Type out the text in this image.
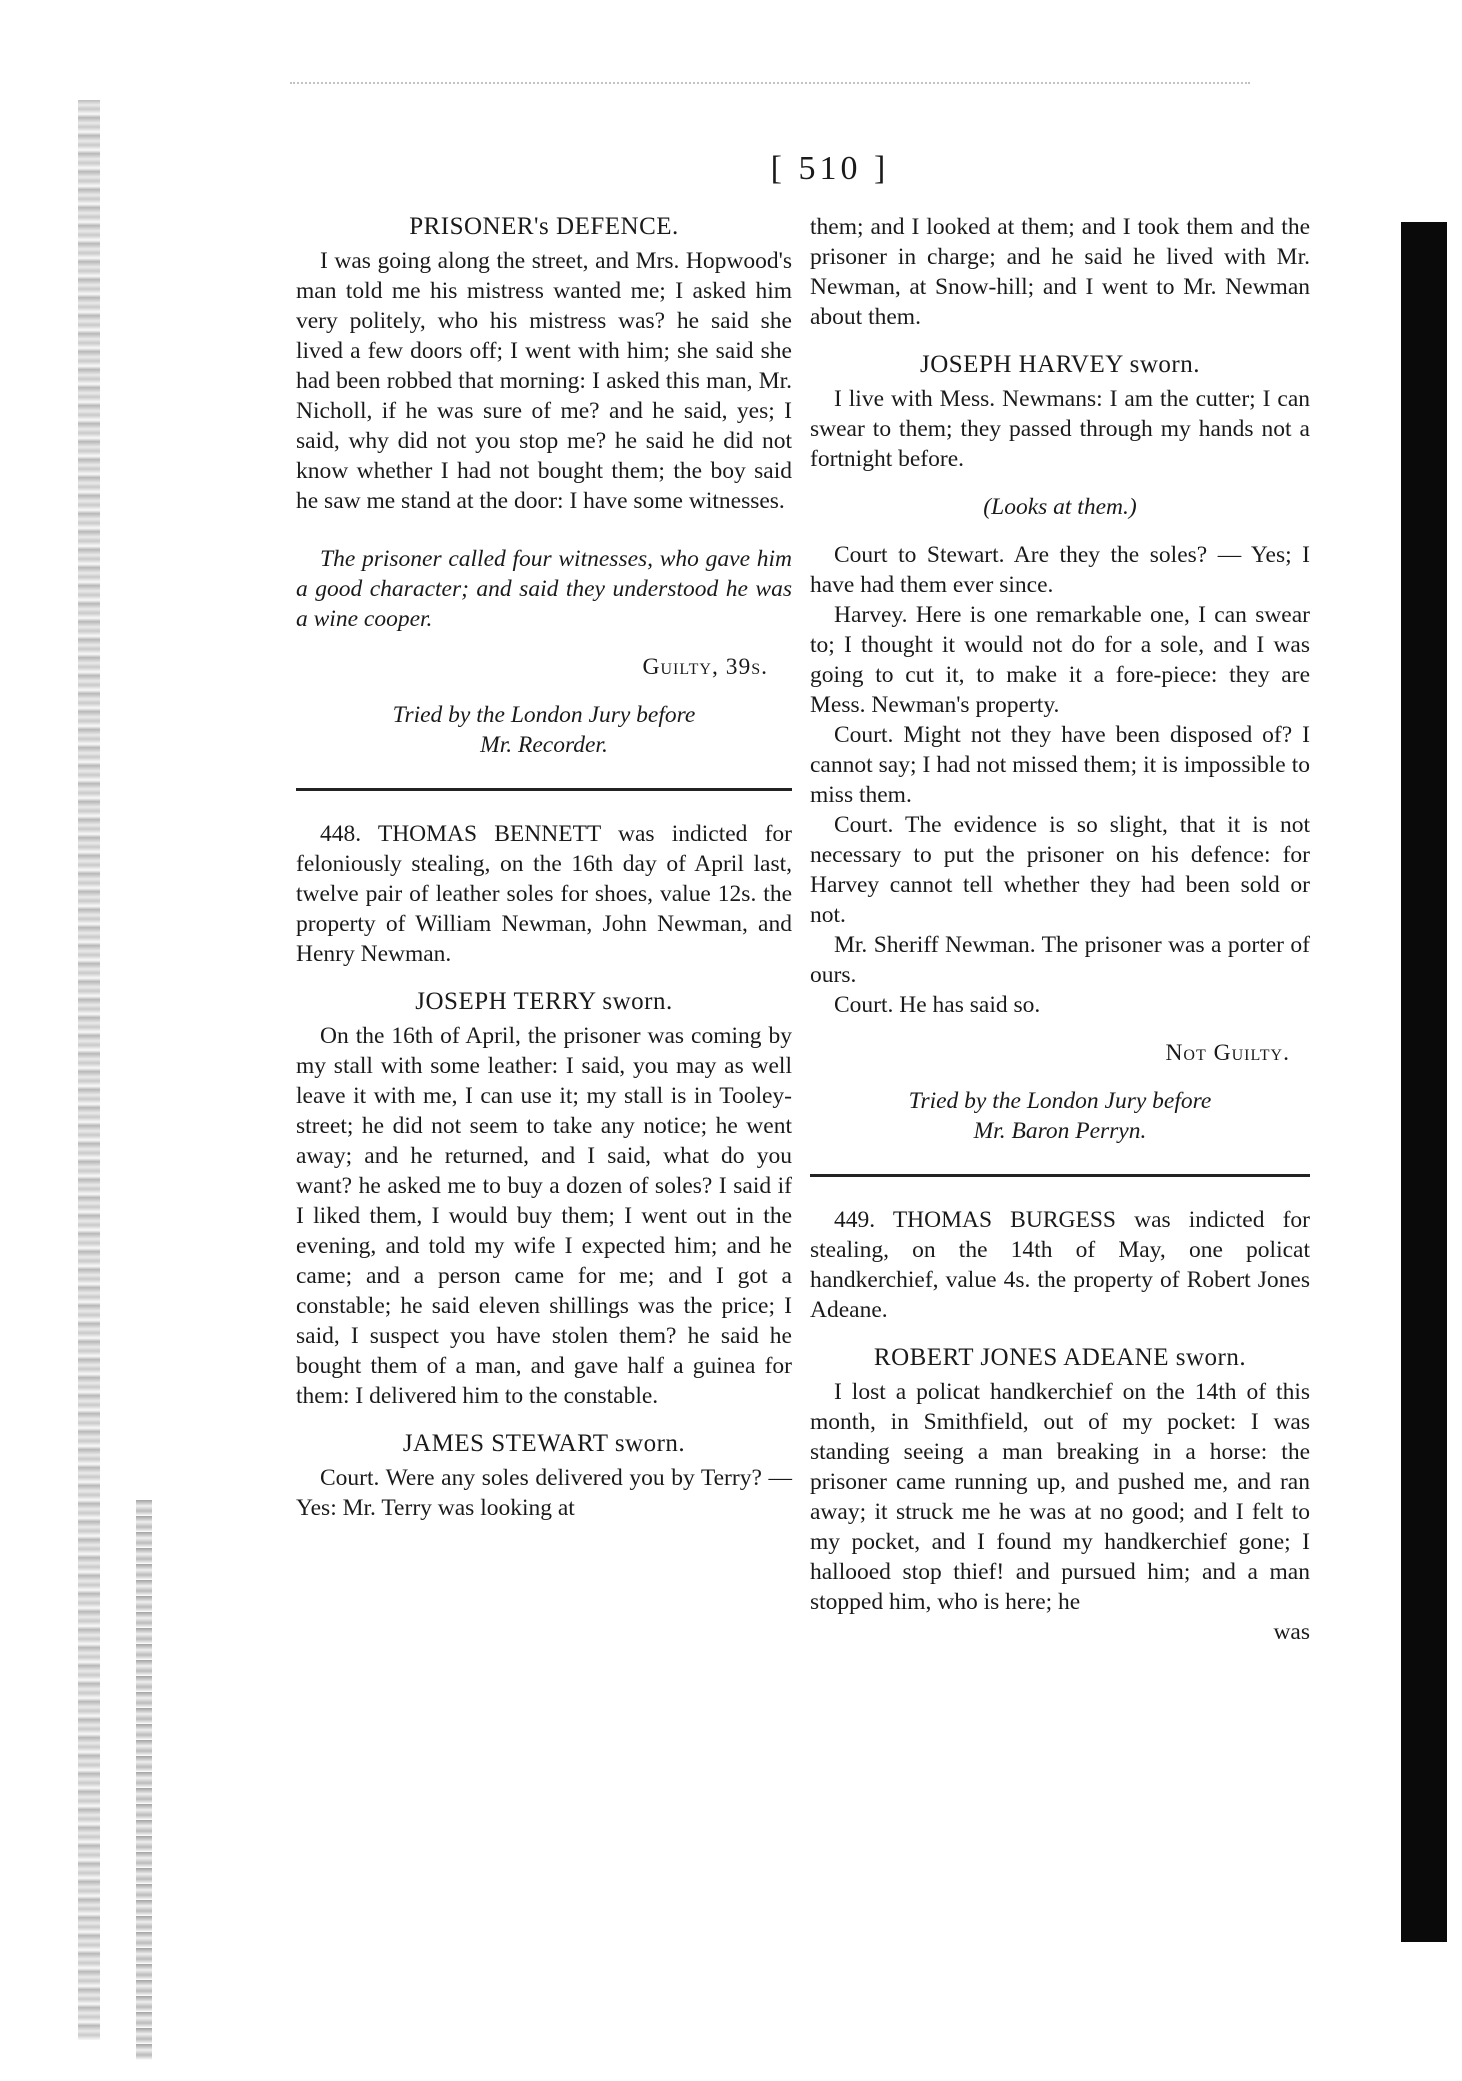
[ 510 ]
PRISONER's DEFENCE.

I was going along the street, and Mrs. Hopwood's man told me his mistress wanted me; I asked him very politely, who his mistress was? he said she lived a few doors off; I went with him; she said she had been robbed that morning: I asked this man, Mr. Nicholl, if he was sure of me? and he said, yes; I said, why did not you stop me? he said he did not know whether I had not bought them; the boy said he saw me stand at the door: I have some witnesses.

The prisoner called four witnesses, who gave him a good character; and said they understood he was a wine cooper.

Guilty, 39s.

Tried by the London Jury before
Mr. Recorder.

448. THOMAS BENNETT was indicted for feloniously stealing, on the 16th day of April last, twelve pair of leather soles for shoes, value 12s. the property of William Newman, John Newman, and Henry Newman.

JOSEPH TERRY sworn.

On the 16th of April, the prisoner was coming by my stall with some leather: I said, you may as well leave it with me, I can use it; my stall is in Tooley-street; he did not seem to take any notice; he went away; and he returned, and I said, what do you want? he asked me to buy a dozen of soles? I said if I liked them, I would buy them; I went out in the evening, and told my wife I expected him; and he came; and a person came for me; and I got a constable; he said eleven shillings was the price; I said, I suspect you have stolen them? he said he bought them of a man, and gave half a guinea for them: I delivered him to the constable.

JAMES STEWART sworn.

Court. Were any soles delivered you by Terry? — Yes: Mr. Terry was looking at

them; and I looked at them; and I took them and the prisoner in charge; and he said he lived with Mr. Newman, at Snow-hill; and I went to Mr. Newman about them.

JOSEPH HARVEY sworn.

I live with Mess. Newmans: I am the cutter; I can swear to them; they passed through my hands not a fortnight before.

(Looks at them.)

Court to Stewart. Are they the soles? — Yes; I have had them ever since.

Harvey. Here is one remarkable one, I can swear to; I thought it would not do for a sole, and I was going to cut it, to make it a fore-piece: they are Mess. Newman's property.

Court. Might not they have been disposed of? I cannot say; I had not missed them; it is impossible to miss them.

Court. The evidence is so slight, that it is not necessary to put the prisoner on his defence: for Harvey cannot tell whether they had been sold or not.

Mr. Sheriff Newman. The prisoner was a porter of ours.

Court. He has said so.

Not Guilty.

Tried by the London Jury before
Mr. Baron Perryn.

449. THOMAS BURGESS was indicted for stealing, on the 14th of May, one policat handkerchief, value 4s. the property of Robert Jones Adeane.

ROBERT JONES ADEANE sworn.

I lost a policat handkerchief on the 14th of this month, in Smithfield, out of my pocket: I was standing seeing a man breaking in a horse: the prisoner came running up, and pushed me, and ran away; it struck me he was at no good; and I felt to my pocket, and I found my handkerchief gone; I hallooed stop thief! and pursued him; and a man stopped him, who is here; he

was
